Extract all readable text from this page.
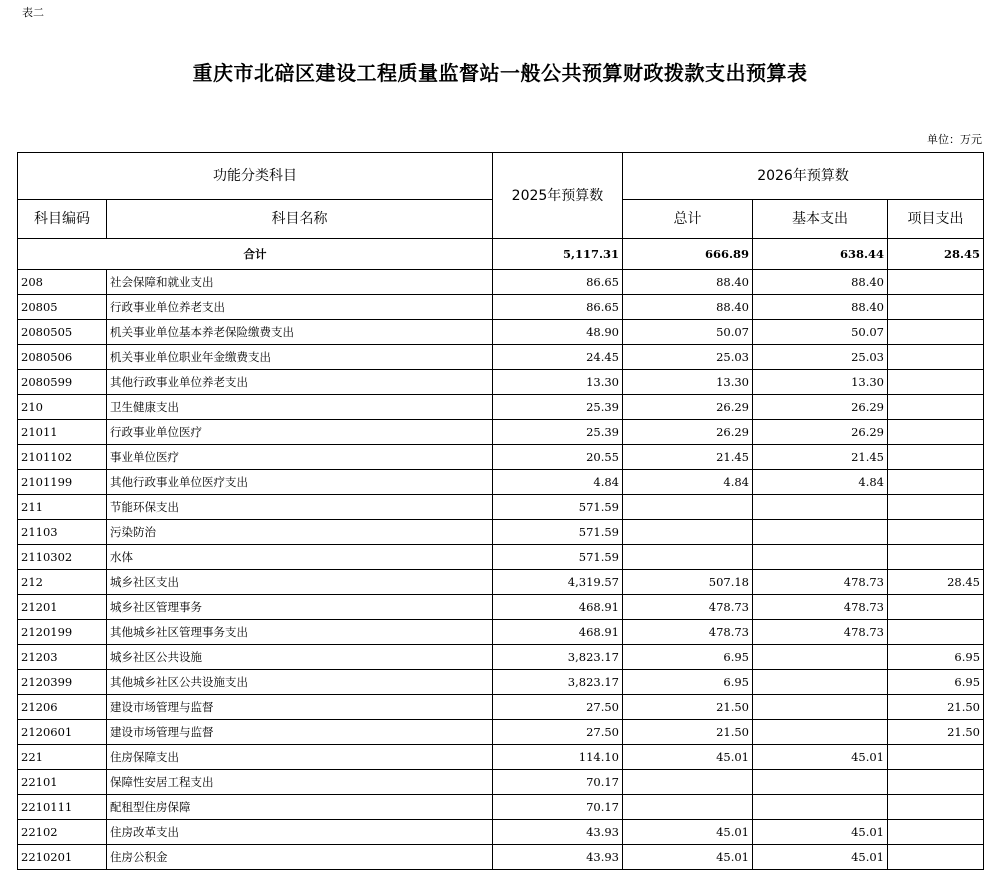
表二
重庆市北碚区建设工程质量监督站一般公共预算财政拨款支出预算表
单位：万元
功能分类科目		2025年预算数	2026年预算数		
科目编码	科目名称		总计	基本支出	项目支出
合计		5,117.31	666.89	638.44	28.45
208	社会保障和就业支出	86.65	88.40	88.40	
20805	行政事业单位养老支出	86.65	88.40	88.40	
2080505	机关事业单位基本养老保险缴费支出	48.90	50.07	50.07	
2080506	机关事业单位职业年金缴费支出	24.45	25.03	25.03	
2080599	其他行政事业单位养老支出	13.30	13.30	13.30	
210	卫生健康支出	25.39	26.29	26.29	
21011	行政事业单位医疗	25.39	26.29	26.29	
2101102	事业单位医疗	20.55	21.45	21.45	
2101199	其他行政事业单位医疗支出	4.84	4.84	4.84	
211	节能环保支出	571.59			
21103	污染防治	571.59			
2110302	水体	571.59			
212	城乡社区支出	4,319.57	507.18	478.73	28.45
21201	城乡社区管理事务	468.91	478.73	478.73	
2120199	其他城乡社区管理事务支出	468.91	478.73	478.73	
21203	城乡社区公共设施	3,823.17	6.95		6.95
2120399	其他城乡社区公共设施支出	3,823.17	6.95		6.95
21206	建设市场管理与监督	27.50	21.50		21.50
2120601	建设市场管理与监督	27.50	21.50		21.50
221	住房保障支出	114.10	45.01	45.01	
22101	保障性安居工程支出	70.17			
2210111	配租型住房保障	70.17			
22102	住房改革支出	43.93	45.01	45.01	
2210201	住房公积金	43.93	45.01	45.01	
